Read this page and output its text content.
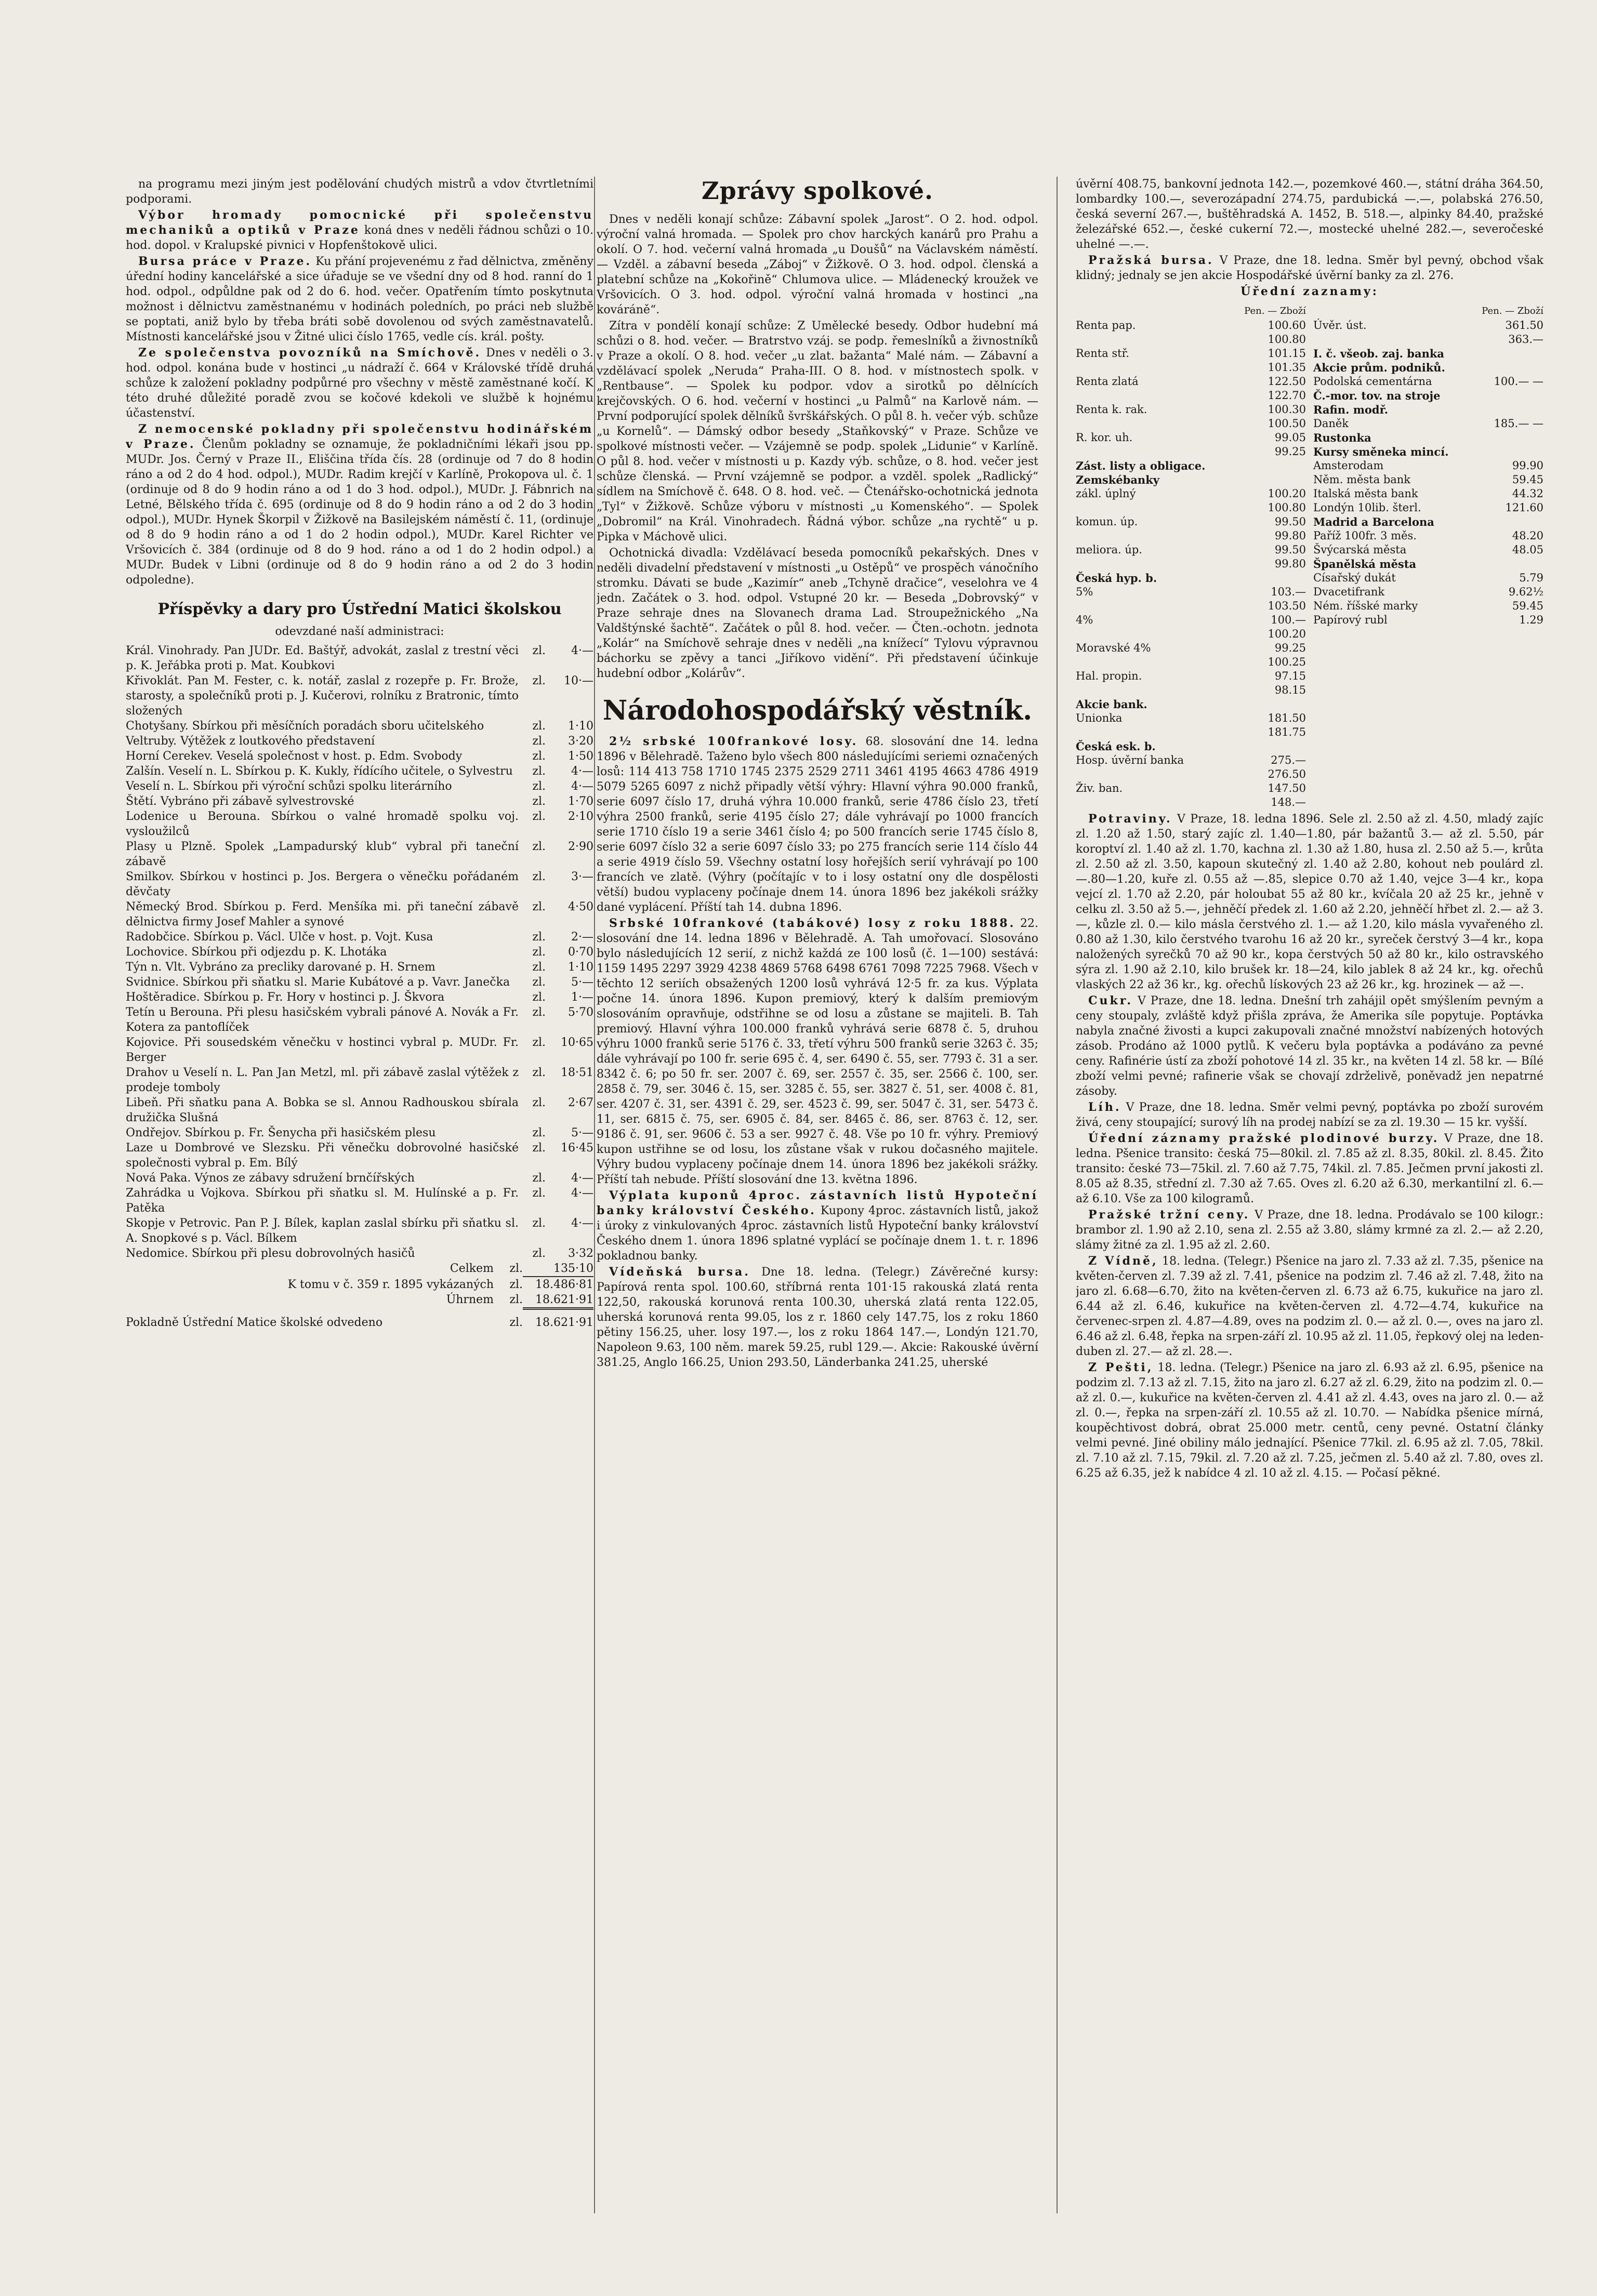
na programu mezi jiným jest podělování chudých mistrů a vdov čtvrtletními podporami.

Výbor hromady pomocnické při společenstvu mechaniků a optiků v Praze koná dnes v neděli řádnou schůzi o 10. hod. dopol. v Kralupské pivnici v Hopfenštokově ulici.

Bursa práce v Praze. Ku přání projevenému z řad dělnictva, změněny úřední hodiny kancelářské a sice úřaduje se ve všední dny od 8 hod. ranní do 1 hod. odpol., odpůldne pak od 2 do 6. hod. večer. Opatřením tímto poskytnuta možnost i dělnictvu zaměstnanému v hodinách poledních, po práci neb službě se poptati, aniž bylo by třeba bráti sobě dovolenou od svých zaměstnavatelů. Místnosti kancelářské jsou v Žitné ulici číslo 1765, vedle cís. král. pošty.

Ze společenstva povozníků na Smíchově. Dnes v neděli o 3. hod. odpol. konána bude v hostinci „u nádraží č. 664 v Královské třídě druhá schůze k založení pokladny podpůrné pro všechny v městě zaměstnané kočí. K této druhé důležité poradě zvou se kočové kdekoli ve službě k hojnému účastenství.

Z nemocenské pokladny při společenstvu hodinářském v Praze. Členům pokladny se oznamuje, že pokladničními lékaři jsou pp. MUDr. Jos. Černý v Praze II., Eliščina třída čís. 28 (ordinuje od 7 do 8 hodin ráno a od 2 do 4 hod. odpol.), MUDr. Radim krejčí v Karlíně, Prokopova ul. č. 1 (ordinuje od 8 do 9 hodin ráno a od 1 do 3 hod. odpol.), MUDr. J. Fábnrich na Letné, Bělského třída č. 695 (ordinuje od 8 do 9 hodin ráno a od 2 do 3 hodin odpol.), MUDr. Hynek Škorpil v Žižkově na Basilejském náměstí č. 11, (ordinuje od 8 do 9 hodin ráno a od 1 do 2 hodin odpol.), MUDr. Karel Richter ve Vršovicích č. 384 (ordinuje od 8 do 9 hod. ráno a od 1 do 2 hodin odpol.) a MUDr. Budek v Libni (ordinuje od 8 do 9 hodin ráno a od 2 do 3 hodin odpoledne).

Příspěvky a dary pro Ústřední Matici školskou
odevzdané naší administraci:
Král. Vinohrady. Pan JUDr. Ed. Baštýř, advokát, zaslal z trestní věci p. K. Jeřábka proti p. Mat. Koubkovi
zl.	4·—
Křivoklát. Pan M. Fester, c. k. notář, zaslal z rozepře p. Fr. Brože, starosty, a společníků proti p. J. Kučerovi, rolníku z Bratronic, tímto složených
zl.	10·—
Chotyšany. Sbírkou při měsíčních poradách sboru učitelského	zl.	1·10
Veltruby. Výtěžek z loutkového představení	zl.	3·20
Horní Cerekev. Veselá společnost v host. p. Edm. Svobody	zl.	1·50
Zalšín. Veselí n. L. Sbírkou p. K. Kukly, řídícího učitele, o Sylvestru	zl.	4·—
Veselí n. L. Sbírkou při výroční schůzi spolku literárního	zl.	4·—
Štětí. Vybráno při zábavě sylvestrovské	zl.	1·70
Lodenice u Berouna. Sbírkou o valné hromadě spolku voj. vysloužilců
zl.	2·10
Plasy u Plzně. Spolek „Lampadurský klub“ vybral při taneční zábavě
zl.	2·90
Smilkov. Sbírkou v hostinci p. Jos. Bergera o věnečku pořádaném děvčaty
zl.	3·—
Německý Brod. Sbírkou p. Ferd. Menšíka mi. při taneční zábavě dělnictva firmy Josef Mahler a synové
zl.	4·50
Radobčice. Sbírkou p. Václ. Ulče v host. p. Vojt. Kusa	zl.	2·—
Lochovice. Sbírkou při odjezdu p. K. Lhotáka	zl.	0·70
Týn n. Vlt. Vybráno za precliky darované p. H. Srnem	zl.	1·10
Svidnice. Sbírkou při sňatku sl. Marie Kubátové a p. Vavr. Janečka	zl.	5·—
Hoštěradice. Sbírkou p. Fr. Hory v hostinci p. J. Škvora	zl.	1·—
Tetín u Berouna. Při plesu hasičském vybrali pánové A. Novák a Fr. Kotera za pantoflíček
zl.	5·70
Kojovice. Při sousedském věnečku v hostinci vybral p. MUDr. Fr. Berger
zl.	10·65
Drahov u Veselí n. L. Pan Jan Metzl, ml. při zábavě zaslal výtěžek z prodeje tomboly
zl.	18·51
Libeň. Při sňatku pana A. Bobka se sl. Annou Radhouskou sbírala družička Slušná
zl.	2·67
Ondřejov. Sbírkou p. Fr. Šenycha při hasičském plesu	zl.	5·—
Laze u Dombrové ve Slezsku. Při věnečku dobrovolné hasičské společnosti vybral p. Em. Bílý
zl.	16·45
Nová Paka. Výnos ze zábavy sdružení brnčířských	zl.	4·—
Zahrádka u Vojkova. Sbírkou při sňatku sl. M. Hulínské a p. Fr. Patěka
zl.	4·—
Skopje v Petrovic. Pan P. J. Bílek, kaplan zaslal sbírku při sňatku sl. A. Snopkové s p. Václ. Bílkem
zl.	4·—
Nedomice. Sbírkou při plesu dobrovolných hasičů	zl.	3·32
Celkem	zl.	135·10
K tomu v č. 359 r. 1895 vykázaných	zl.	18.486·81
Úhrnem	zl.	18.621·91
Pokladně Ústřední Matice školské odvedeno	zl.	18.621·91
Zprávy spolkové.

Dnes v neděli konají schůze: Zábavní spolek „Jarost“. O 2. hod. odpol. výroční valná hromada. — Spolek pro chov harckých kanárů pro Prahu a okolí. O 7. hod. večerní valná hromada „u Doušů“ na Václavském náměstí. — Vzděl. a zábavní beseda „Záboj“ v Žižkově. O 3. hod. odpol. členská a platební schůze na „Kokořině“ Chlumova ulice. — Mládenecký kroužek ve Vršovicích. O 3. hod. odpol. výroční valná hromada v hostinci „na kováráně“.

Zítra v pondělí konají schůze: Z Umělecké besedy. Odbor hudební má schůzi o 8. hod. večer. — Bratrstvo vzáj. se podp. řemeslníků a živnostníků v Praze a okolí. O 8. hod. večer „u zlat. bažanta“ Malé nám. — Zábavní a vzdělávací spolek „Neruda“ Praha-III. O 8. hod. v místnostech spolk. v „Rentbause“. — Spolek ku podpor. vdov a sirotků po dělnících krejčovských. O 6. hod. večerní v hostinci „u Palmů“ na Karlově nám. — První podporující spolek dělníků švrškářských. O půl 8. h. večer výb. schůze „u Kornelů“. — Dámský odbor besedy „Staňkovský“ v Praze. Schůze ve spolkové místnosti večer. — Vzájemně se podp. spolek „Lidunie“ v Karlíně. O půl 8. hod. večer v místnosti u p. Kazdy výb. schůze, o 8. hod. večer jest schůze členská. — První vzájemně se podpor. a vzděl. spolek „Radlický“ sídlem na Smíchově č. 648. O 8. hod. več. — Čtenářsko-ochotnická jednota „Tyl“ v Žižkově. Schůze výboru v místnosti „u Komenského“. — Spolek „Dobromil“ na Král. Vinohradech. Řádná výbor. schůze „na rychtě“ u p. Pipka v Máchově ulici.

Ochotnická divadla: Vzdělávací beseda pomocníků pekařských. Dnes v neděli divadelní představení v místnosti „u Ostěpů“ ve prospěch vánočního stromku. Dávati se bude „Kazimír“ aneb „Tchyně dračice“, veselohra ve 4 jedn. Začátek o 3. hod. odpol. Vstupné 20 kr. — Beseda „Dobrovský“ v Praze sehraje dnes na Slovanech drama Lad. Stroupežnického „Na Valdštýnské šachtě“. Začátek o půl 8. hod. večer. — Čten.-ochotn. jednota „Kolár“ na Smíchově sehraje dnes v neděli „na knížecí“ Tylovu výpravnou báchorku se zpěvy a tanci „Jiříkovo vidění“. Při představení účinkuje hudební odbor „Kolárův“.

Národohospodářský věstník.

2½ srbské 100frankové losy. 68. slosování dne 14. ledna 1896 v Bělehradě. Taženo bylo všech 800 následujícími seriemi označených losů: 114 413 758 1710 1745 2375 2529 2711 3461 4195 4663 4786 4919 5079 5265 6097 z nichž připadly větší výhry: Hlavní výhra 90.000 franků, serie 6097 číslo 17, druhá výhra 10.000 franků, serie 4786 číslo 23, třetí výhra 2500 franků, serie 4195 číslo 27; dále vyhrávají po 1000 francích serie 1710 číslo 19 a serie 3461 číslo 4; po 500 francích serie 1745 číslo 8, serie 6097 číslo 32 a serie 6097 číslo 33; po 275 francích serie 114 číslo 44 a serie 4919 číslo 59. Všechny ostatní losy hořejších serií vyhrávají po 100 francích ve zlatě. (Výhry (počítajíc v to i losy ostatní ony dle dospělosti větší) budou vyplaceny počínaje dnem 14. února 1896 bez jakékoli srážky dané vyplácení. Příští tah 14. dubna 1896.

Srbské 10frankové (tabákové) losy z roku 1888. 22. slosování dne 14. ledna 1896 v Bělehradě. A. Tah umořovací. Slosováno bylo následujících 12 serií, z nichž každá ze 100 losů (č. 1—100) sestává: 1159 1495 2297 3929 4238 4869 5768 6498 6761 7098 7225 7968. Všech v těchto 12 seriích obsažených 1200 losů vyhrává 12·5 fr. za kus. Výplata počne 14. února 1896. Kupon premiový, který k dalším premiovým slosováním opravňuje, odstřihne se od losu a zůstane se majiteli. B. Tah premiový. Hlavní výhra 100.000 franků vyhrává serie 6878 č. 5, druhou výhru 1000 franků serie 5176 č. 33, třetí výhru 500 franků serie 3263 č. 35; dále vyhrávají po 100 fr. serie 695 č. 4, ser. 6490 č. 55, ser. 7793 č. 31 a ser. 8342 č. 6; po 50 fr. ser. 2007 č. 69, ser. 2557 č. 35, ser. 2566 č. 100, ser. 2858 č. 79, ser. 3046 č. 15, ser. 3285 č. 55, ser. 3827 č. 51, ser. 4008 č. 81, ser. 4207 č. 31, ser. 4391 č. 29, ser. 4523 č. 99, ser. 5047 č. 31, ser. 5473 č. 11, ser. 6815 č. 75, ser. 6905 č. 84, ser. 8465 č. 86, ser. 8763 č. 12, ser. 9186 č. 91, ser. 9606 č. 53 a ser. 9927 č. 48. Vše po 10 fr. výhry. Premiový kupon ustřihne se od losu, los zůstane však v rukou dočasného majitele. Výhry budou vyplaceny počínaje dnem 14. února 1896 bez jakékoli srážky. Příští tah nebude. Příští slosování dne 13. května 1896.

Výplata kuponů 4proc. zástavních listů Hypoteční banky království Českého. Kupony 4proc. zástavních listů, jakož i úroky z vinkulovaných 4proc. zástavních listů Hypoteční banky království Českého dnem 1. února 1896 splatné vyplácí se počínaje dnem 1. t. r. 1896 pokladnou banky.

Vídeňská bursa. Dne 18. ledna. (Telegr.) Závěrečné kursy: Papírová renta spol. 100.60, stříbrná renta 101·15 rakouská zlatá renta 122,50, rakouská korunová renta 100.30, uherská zlatá renta 122.05, uherská korunová renta 99.05, los z r. 1860 cely 147.75, los z roku 1860 pětiny 156.25, uher. losy 197.—, los z roku 1864 147.—, Londýn 121.70, Napoleon 9.63, 100 něm. marek 59.25, rubl 129.—. Akcie: Rakouské úvěrní 381.25, Anglo 166.25, Union 293.50, Länderbanka 241.25, uherské

úvěrní 408.75, bankovní jednota 142.—, pozemkové 460.—, státní dráha 364.50, lombardky 100.—, severozápadní 274.75, pardubická —.—, polabská 276.50, česká severní 267.—, buštěhradská A. 1452, B. 518.—, alpinky 84.40, pražské železářské 652.—, české cukerní 72.—, mostecké uhelné 282.—, severočeské uhelné —.—.

Pražská bursa. V Praze, dne 18. ledna. Směr byl pevný, obchod však klidný; jednaly se jen akcie Hospodářské úvěrní banky za zl. 276.

Úřední zaznamy:
Pen. — Zboží
Renta pap.	100.60 100.80
Renta stř.	101.15 101.35
Renta zlatá	122.50 122.70
Renta k. rak.	100.30 100.50
R. kor. uh.	99.05 99.25
Zást. listy a obligace.
Zemskébanky
zákl. úplný	100.20 100.80
komun. úp.	99.50 99.80
meliora. úp.	99.50 99.80
Česká hyp. b.
5%	103.— 103.50
4%	100.— 100.20
Moravské 4%	99.25 100.25
Hal. propin.	97.15 98.15
Akcie bank.
Unionka	181.50 181.75
Česká esk. b.
Hosp. úvěrní banka	275.— 276.50
Živ. ban.	147.50 148.—
Pen. — Zboží
Úvěr. úst.	361.50 363.—
I. č. všeob. zaj. banka
Akcie prům. podniků.
Podolská cementárna	100.— —
Č.-mor. tov. na stroje
Rafin. modř.
Daněk	185.— —
Rustonka
Kursy směneka mincí.
Amsterodam	99.90
Něm. města bank	59.45
Italská města bank	44.32
Londýn 10lib. šterl.	121.60
Madrid a Barcelona
Paříž 100fr. 3 měs.	48.20
Švýcarská města	48.05
Španělská města
Císařský dukát	5.79
Dvacetifrank	9.62½
Ném. říšské marky	59.45
Papírový rubl	1.29

Potraviny. V Praze, 18. ledna 1896. Sele zl. 2.50 až zl. 4.50, mladý zajíc zl. 1.20 až 1.50, starý zajíc zl. 1.40—1.80, pár bažantů 3.— až zl. 5.50, pár koroptví zl. 1.40 až zl. 1.70, kachna zl. 1.30 až 1.80, husa zl. 2.50 až 5.—, krůta zl. 2.50 až zl. 3.50, kapoun skutečný zl. 1.40 až 2.80, kohout neb poulárd zl. —.80—1.20, kuře zl. 0.55 až —.85, slepice 0.70 až 1.40, vejce 3—4 kr., kopa vejcí zl. 1.70 až 2.20, pár holoubat 55 až 80 kr., kvíčala 20 až 25 kr., jehně v celku zl. 3.50 až 5.—, jehněčí předek zl. 1.60 až 2.20, jehněčí hřbet zl. 2.— až 3.—, kůzle zl. 0.— kilo másla čerstvého zl. 1.— až 1.20, kilo másla vyvařeného zl. 0.80 až 1.30, kilo čerstvého tvarohu 16 až 20 kr., syreček čerstvý 3—4 kr., kopa naložených syrečků 70 až 90 kr., kopa čerstvých 50 až 80 kr., kilo ostravského sýra zl. 1.90 až 2.10, kilo brušek kr. 18—24, kilo jablek 8 až 24 kr., kg. ořechů vlaských 22 až 36 kr., kg. ořechů lískových 23 až 26 kr., kg. hrozinek — až —.

Cukr. V Praze, dne 18. ledna. Dnešní trh zahájil opět smýšlením pevným a ceny stoupaly, zvláště když přišla zpráva, že Amerika síle popytuje. Poptávka nabyla značné živosti a kupci zakupovali značné množství nabízených hotových zásob. Prodáno až 1000 pytlů. K večeru byla poptávka a podáváno za pevné ceny. Rafinérie ústí za zboží pohotové 14 zl. 35 kr., na květen 14 zl. 58 kr. — Bílé zboží velmi pevné; rafinerie však se chovají zdrželivě, poněvadž jen nepatrné zásoby.

Líh. V Praze, dne 18. ledna. Směr velmi pevný, poptávka po zboží surovém živá, ceny stoupající; surový líh na prodej nabízí se za zl. 19.30 — 15 kr. vyšší.

Úřední záznamy pražské plodinové burzy. V Praze, dne 18. ledna. Pšenice transito: česká 75—80kil. zl. 7.85 až zl. 8.35, 80kil. zl. 8.45. Žito transito: české 73—75kil. zl. 7.60 až 7.75, 74kil. zl. 7.85. Ječmen první jakosti zl. 8.05 až 8.35, střední zl. 7.30 až 7.65. Oves zl. 6.20 až 6.30, merkantilní zl. 6.— až 6.10. Vše za 100 kilogramů.

Pražské tržní ceny. V Praze, dne 18. ledna. Prodávalo se 100 kilogr.: brambor zl. 1.90 až 2.10, sena zl. 2.55 až 3.80, slámy krmné za zl. 2.— až 2.20, slámy žitné za zl. 1.95 až zl. 2.60.

Z Vídně, 18. ledna. (Telegr.) Pšenice na jaro zl. 7.33 až zl. 7.35, pšenice na květen-červen zl. 7.39 až zl. 7.41, pšenice na podzim zl. 7.46 až zl. 7.48, žito na jaro zl. 6.68—6.70, žito na květen-červen zl. 6.73 až 6.75, kukuřice na jaro zl. 6.44 až zl. 6.46, kukuřice na květen-červen zl. 4.72—4.74, kukuřice na červenec-srpen zl. 4.87—4.89, oves na podzim zl. 0.— až zl. 0.—, oves na jaro zl. 6.46 až zl. 6.48, řepka na srpen-září zl. 10.95 až zl. 11.05, řepkový olej na leden-duben zl. 27.— až zl. 28.—.

Z Pešti, 18. ledna. (Telegr.) Pšenice na jaro zl. 6.93 až zl. 6.95, pšenice na podzim zl. 7.13 až zl. 7.15, žito na jaro zl. 6.27 až zl. 6.29, žito na podzim zl. 0.— až zl. 0.—, kukuřice na květen-červen zl. 4.41 až zl. 4.43, oves na jaro zl. 0.— až zl. 0.—, řepka na srpen-září zl. 10.55 až zl. 10.70. — Nabídka pšenice mírná, koupěchtivost dobrá, obrat 25.000 metr. centů, ceny pevné. Ostatní články velmi pevné. Jiné obiliny málo jednající. Pšenice 77kil. zl. 6.95 až zl. 7.05, 78kil. zl. 7.10 až zl. 7.15, 79kil. zl. 7.20 až zl. 7.25, ječmen zl. 5.40 až zl. 7.80, oves zl. 6.25 až 6.35, jež k nabídce 4 zl. 10 až zl. 4.15. — Počasí pěkné.
